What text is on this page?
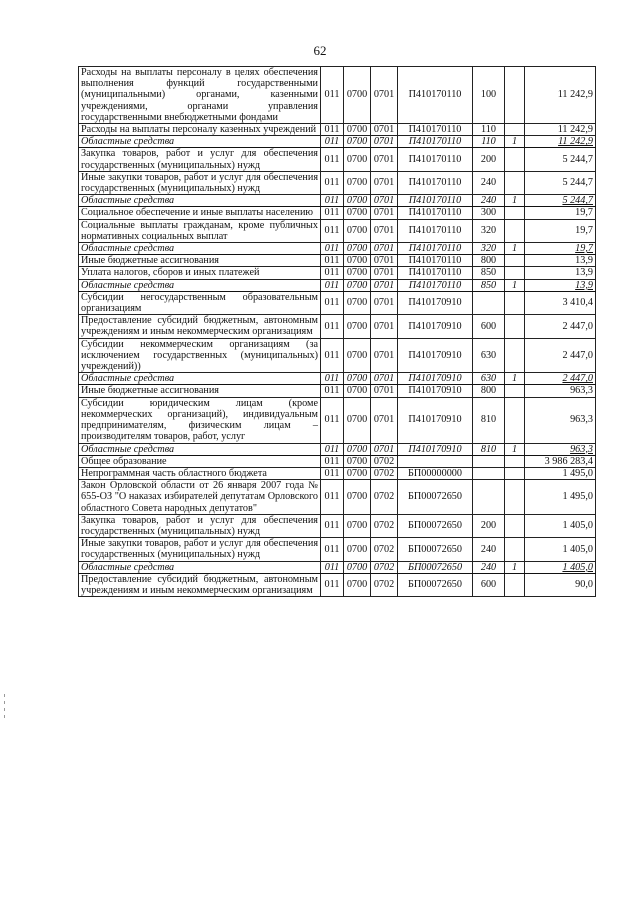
62
Расходы на выплаты персоналу в целях обеспечения выполнения функций государственными (муниципальными) органами, казенными учреждениями, органами управления государственными внебюджетными фондами	011	0700	0701	П410170110	100		11 242,9
Расходы на выплаты персоналу казенных учреждений	011	0700	0701	П410170110	110		11 242,9
Областные средства	011	0700	0701	П410170110	110	1	11 242,9
Закупка товаров, работ и услуг для обеспечения государственных (муниципальных) нужд	011	0700	0701	П410170110	200		5 244,7
Иные закупки товаров, работ и услуг для обеспечения государственных (муниципальных) нужд	011	0700	0701	П410170110	240		5 244,7
Областные средства	011	0700	0701	П410170110	240	1	5 244,7
Социальное обеспечение и иные выплаты населению	011	0700	0701	П410170110	300		19,7
Социальные выплаты гражданам, кроме публичных нормативных социальных выплат	011	0700	0701	П410170110	320		19,7
Областные средства	011	0700	0701	П410170110	320	1	19,7
Иные бюджетные ассигнования	011	0700	0701	П410170110	800		13,9
Уплата налогов, сборов и иных платежей	011	0700	0701	П410170110	850		13,9
Областные средства	011	0700	0701	П410170110	850	1	13,9
Субсидии негосударственным образовательным организациям	011	0700	0701	П410170910			3 410,4
Предоставление субсидий бюджетным, автономным учреждениям и иным некоммерческим организациям	011	0700	0701	П410170910	600		2 447,0
Субсидии некоммерческим организациям (за исключением государственных (муниципальных) учреждений))	011	0700	0701	П410170910	630		2 447,0
Областные средства	011	0700	0701	П410170910	630	1	2 447,0
Иные бюджетные ассигнования	011	0700	0701	П410170910	800		963,3
Субсидии юридическим лицам (кроме некоммерческих организаций), индивидуальным предпринимателям, физическим лицам – производителям товаров, работ, услуг	011	0700	0701	П410170910	810		963,3
Областные средства	011	0700	0701	П410170910	810	1	963,3
Общее образование	011	0700	0702				3 986 283,4
Непрограммная часть областного бюджета	011	0700	0702	БП00000000			1 495,0
Закон Орловской области от 26 января 2007 года № 655-ОЗ "О наказах избирателей депутатам Орловского областного Совета народных депутатов"	011	0700	0702	БП00072650			1 495,0
Закупка товаров, работ и услуг для обеспечения государственных (муниципальных) нужд	011	0700	0702	БП00072650	200		1 405,0
Иные закупки товаров, работ и услуг для обеспечения государственных (муниципальных) нужд	011	0700	0702	БП00072650	240		1 405,0
Областные средства	011	0700	0702	БП00072650	240	1	1 405,0
Предоставление субсидий бюджетным, автономным учреждениям и иным некоммерческим организациям	011	0700	0702	БП00072650	600		90,0
